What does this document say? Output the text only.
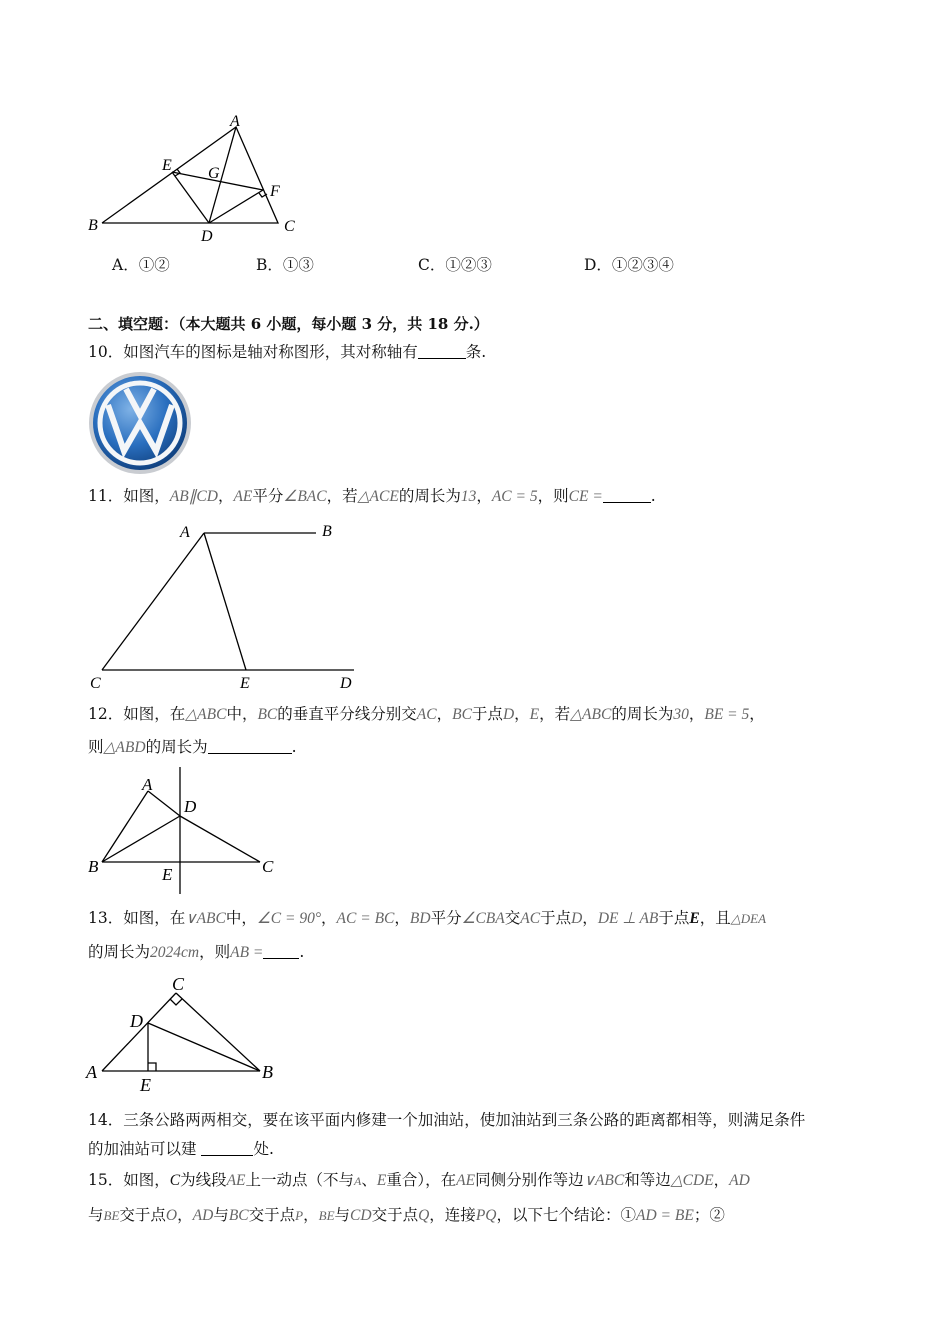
A
E G
F
B
D
C
A．①②	B．①③	C．①②③	D．①②③④
二、填空题：（本大题共 6 小题，每小题 3 分，共 18 分.）
10．如图汽车的图标是轴对称图形，其对称轴有	条.
11．如图，AB∥CD，AE平分∠BAC，若△ACE的周长为13，AC = 5，则CE =	.
A	B
C	E	D
12．如图，在△ABC中，BC的垂直平分线分别交AC，BC于点D，E，若△ABC的周长为30，BE = 5，
则△ABD的周长为	.
A
D
B	E	C
13．如图，在∨ABC中，∠C = 90°，AC = BC，BD平分∠CBA交AC于点D，DE ⊥ AB于点E，且△DEA
的周长为2024cm，则AB = .
C
D
A
E
B
14．三条公路两两相交，要在该平面内修建一个加油站，使加油站到三条公路的距离都相等，则满足条件
的加油站可以建	处.
15．如图，C为线段AE上一动点（不与A、E重合），在AE同侧分别作等边∨ABC和等边△CDE，AD
与BE交于点O，AD与BC交于点P，BE与CD交于点Q，连接PQ，以下七个结论：①AD = BE；②
